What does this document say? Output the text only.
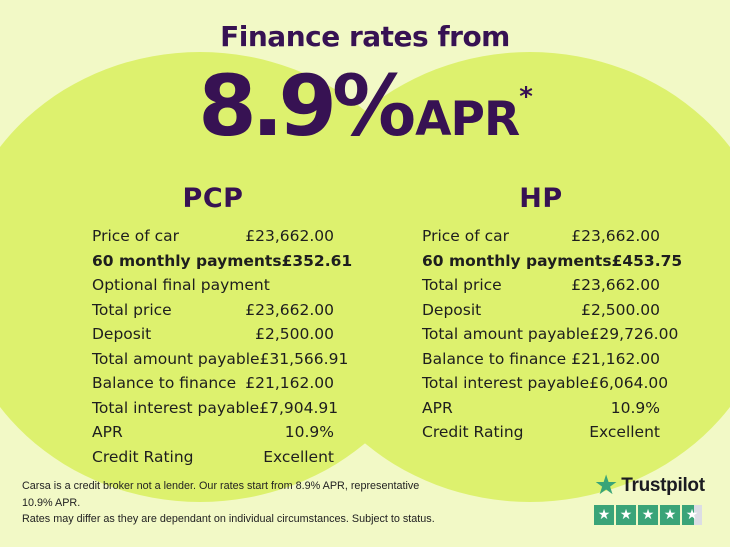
Finance rates from
8.9%APR*
PCP
Price of car	£23,662.00
60 monthly payments £352.61
Optional final payment
Total price	£23,662.00
Deposit	£2,500.00
Total amount payable £31,566.91
Balance to finance £21,162.00
Total interest payable £7,904.91
APR	10.9%
Credit Rating	Excellent
HP
Price of car	£23,662.00
60 monthly payments £453.75
Total price	£23,662.00
Deposit	£2,500.00
Total amount payable £29,726.00
Balance to finance £21,162.00
Total interest payable £6,064.00
APR	10.9%
Credit Rating	Excellent
Carsa is a credit broker not a lender. Our rates start from 8.9% APR, representative 10.9% APR.
Rates may differ as they are dependant on individual circumstances. Subject to status.
★ Trustpilot
★ ★ ★ ★ ★
